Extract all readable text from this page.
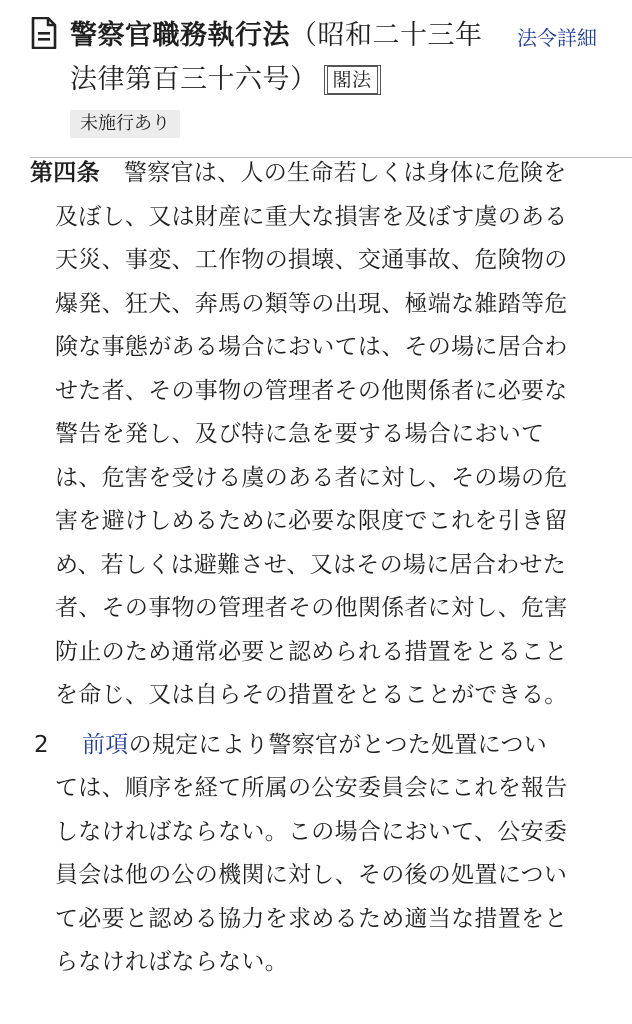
警察官職務執行法（昭和二十三年法律第百三十六号） 閣法
法令詳細
未施行あり
第四条 警察官は、人の生命若しくは身体に危険を及ぼし、又は財産に重大な損害を及ぼす虞のある天災、事変、工作物の損壊、交通事故、危険物の爆発、狂犬、奔馬の類等の出現、極端な雑踏等危険な事態がある場合においては、その場に居合わせた者、その事物の管理者その他関係者に必要な警告を発し、及び特に急を要する場合においては、危害を受ける虞のある者に対し、その場の危害を避けしめるために必要な限度でこれを引き留め、若しくは避難させ、又はその場に居合わせた者、その事物の管理者その他関係者に対し、危害防止のため通常必要と認められる措置をとることを命じ、又は自らその措置をとることができる。
2 前項の規定により警察官がとつた処置については、順序を経て所属の公安委員会にこれを報告しなければならない。この場合において、公安委員会は他の公の機関に対し、その後の処置について必要と認める協力を求めるため適当な措置をとらなければならない。
